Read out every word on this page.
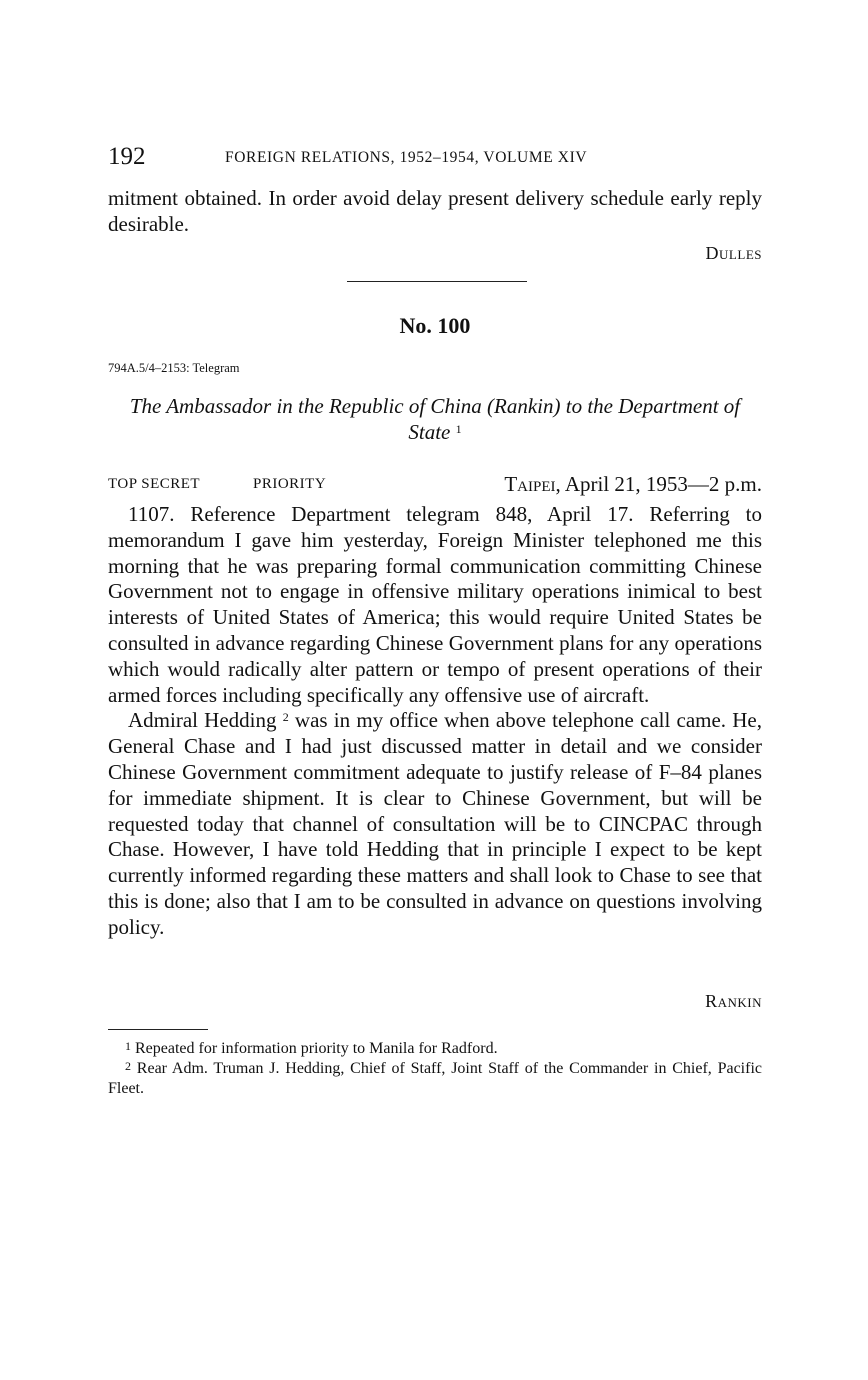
192	FOREIGN RELATIONS, 1952–1954, VOLUME XIV

mitment obtained. In order avoid delay present delivery schedule early reply desirable.

Dulles
No. 100
794A.5/4–2153: Telegram
The Ambassador in the Republic of China (Rankin) to the Department of State $^1$
TOP SECRET	PRIORITY	Taipei, April 21, 1953—2 p.m.

1107. Reference Department telegram 848, April 17. Referring to memorandum I gave him yesterday, Foreign Minister telephoned me this morning that he was preparing formal communication committing Chinese Government not to engage in offensive military operations inimical to best interests of United States of America; this would require United States be consulted in advance regarding Chinese Government plans for any operations which would radically alter pattern or tempo of present operations of their armed forces including specifically any offensive use of aircraft.

Admiral Hedding $^2$ was in my office when above telephone call came. He, General Chase and I had just discussed matter in detail and we consider Chinese Government commitment adequate to justify release of F–84 planes for immediate shipment. It is clear to Chinese Government, but will be requested today that channel of consultation will be to CINCPAC through Chase. However, I have told Hedding that in principle I expect to be kept currently informed regarding these matters and shall look to Chase to see that this is done; also that I am to be consulted in advance on questions involving policy.

Rankin

$^1$ Repeated for information priority to Manila for Radford.

$^2$ Rear Adm. Truman J. Hedding, Chief of Staff, Joint Staff of the Commander in Chief, Pacific Fleet.
